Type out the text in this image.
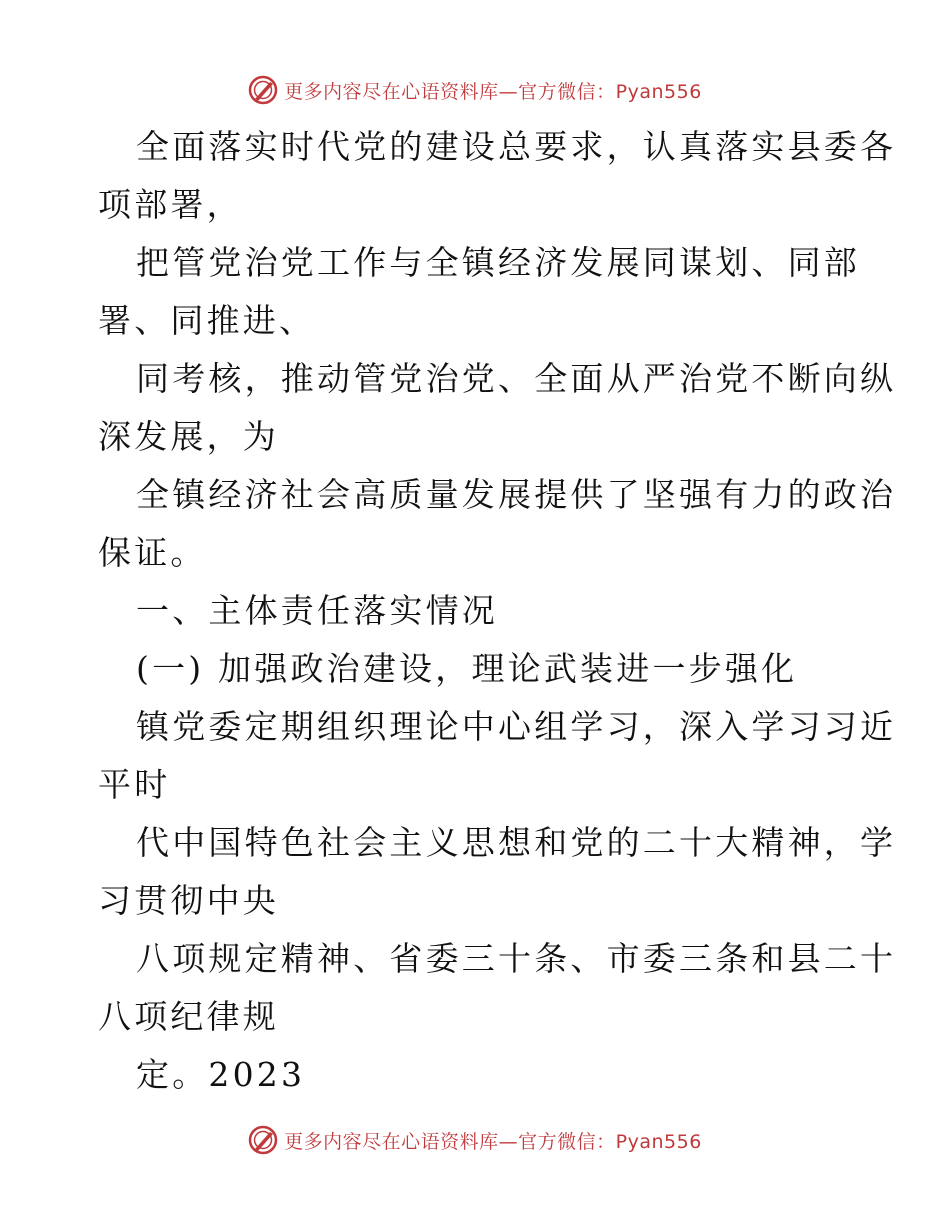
更多内容尽在心语资料库—官方微信：Pyan556
全面落实时代党的建设总要求，认真落实县委各
项部署，
把管党治党工作与全镇经济发展同谋划、同部
署、同推进、
同考核，推动管党治党、全面从严治党不断向纵
深发展，为
全镇经济社会高质量发展提供了坚强有力的政治
保证。
一、主体责任落实情况
(一) 加强政治建设，理论武装进一步强化
镇党委定期组织理论中心组学习，深入学习习近
平时
代中国特色社会主义思想和党的二十大精神，学
习贯彻中央
八项规定精神、省委三十条、市委三条和县二十
八项纪律规
定。2023
更多内容尽在心语资料库—官方微信：Pyan556
